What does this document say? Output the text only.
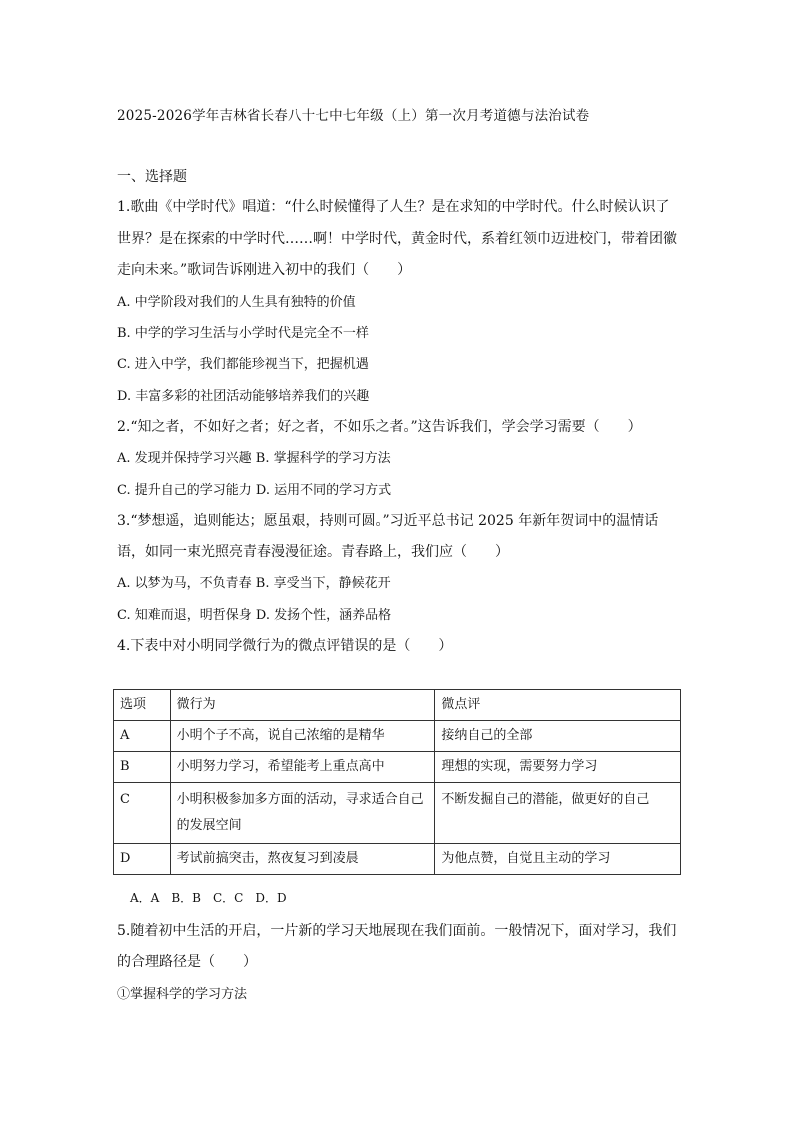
2025-2026学年吉林省长春八十七中七年级（上）第一次月考道德与法治试卷
一、选择题
1.歌曲《中学时代》唱道：“什么时候懂得了人生？是在求知的中学时代。什么时候认识了
世界？是在探索的中学时代……啊！中学时代，黄金时代，系着红领巾迈进校门，带着团徽
走向未来。”歌词告诉刚进入初中的我们（　　）
A. 中学阶段对我们的人生具有独特的价值
B. 中学的学习生活与小学时代是完全不一样
C. 进入中学，我们都能珍视当下，把握机遇
D. 丰富多彩的社团活动能够培养我们的兴趣
2.“知之者，不如好之者；好之者，不如乐之者。”这告诉我们，学会学习需要（　　）
A. 发现并保持学习兴趣 B. 掌握科学的学习方法
C. 提升自己的学习能力 D. 运用不同的学习方式
3.“梦想遥，追则能达；愿虽艰，持则可圆。”习近平总书记 2025 年新年贺词中的温情话
语，如同一束光照亮青春漫漫征途。青春路上，我们应（　　）
A. 以梦为马，不负青春 B. 享受当下，静候花开
C. 知难而退，明哲保身 D. 发扬个性，涵养品格
4.下表中对小明同学微行为的微点评错误的是（　　）
选项	微行为	微点评
A	小明个子不高，说自己浓缩的是精华	接纳自己的全部
B	小明努力学习，希望能考上重点高中	理想的实现，需要努力学习
C	小明积极参加多方面的活动，寻求适合自己的发展空间	不断发掘自己的潜能，做更好的自己
D	考试前搞突击，熬夜复习到凌晨	为他点赞，自觉且主动的学习
A．A　B．B　C．C　D．D
5.随着初中生活的开启，一片新的学习天地展现在我们面前。一般情况下，面对学习，我们
的合理路径是（　　）
①掌握科学的学习方法
